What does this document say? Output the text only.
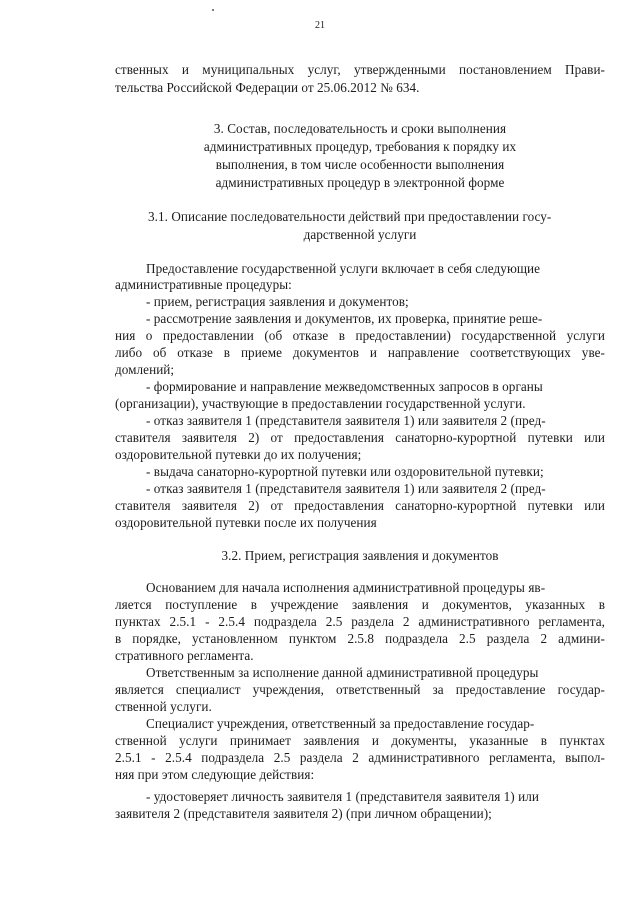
21
ственных и муниципальных услуг, утвержденными постановлением Прави-
тельства Российской Федерации от 25.06.2012 № 634.
3. Состав, последовательность и сроки выполнения
административных процедур, требования к порядку их
выполнения, в том числе особенности выполнения
административных процедур в электронной форме
3.1. Описание последовательности действий при предоставлении госу-
дарственной услуги
Предоставление государственной услуги включает в себя следующие
административные процедуры:
- прием, регистрация заявления и документов;
- рассмотрение заявления и документов, их проверка, принятие реше-
ния о предоставлении (об отказе в предоставлении) государственной услуги
либо об отказе в приеме документов и направление соответствующих уве-
домлений;
- формирование и направление межведомственных запросов в органы
(организации), участвующие в предоставлении государственной услуги.
- отказ заявителя 1 (представителя заявителя 1) или заявителя 2 (пред-
ставителя заявителя 2) от предоставления санаторно-курортной путевки или
оздоровительной путевки до их получения;
- выдача санаторно-курортной путевки или оздоровительной путевки;
- отказ заявителя 1 (представителя заявителя 1) или заявителя 2 (пред-
ставителя заявителя 2) от предоставления санаторно-курортной путевки или
оздоровительной путевки после их получения
3.2. Прием, регистрация заявления и документов
Основанием для начала исполнения административной процедуры яв-
ляется поступление в учреждение заявления и документов, указанных в
пунктах 2.5.1 - 2.5.4 подраздела 2.5 раздела 2 административного регламента,
в порядке, установленном пунктом 2.5.8 подраздела 2.5 раздела 2 админи-
стративного регламента.
Ответственным за исполнение данной административной процедуры
является специалист учреждения, ответственный за предоставление государ-
ственной услуги.
Специалист учреждения, ответственный за предоставление государ-
ственной услуги принимает заявления и документы, указанные в пунктах
2.5.1 - 2.5.4 подраздела 2.5 раздела 2 административного регламента, выпол-
няя при этом следующие действия:
- удостоверяет личность заявителя 1 (представителя заявителя 1) или
заявителя 2 (представителя заявителя 2) (при личном обращении);
